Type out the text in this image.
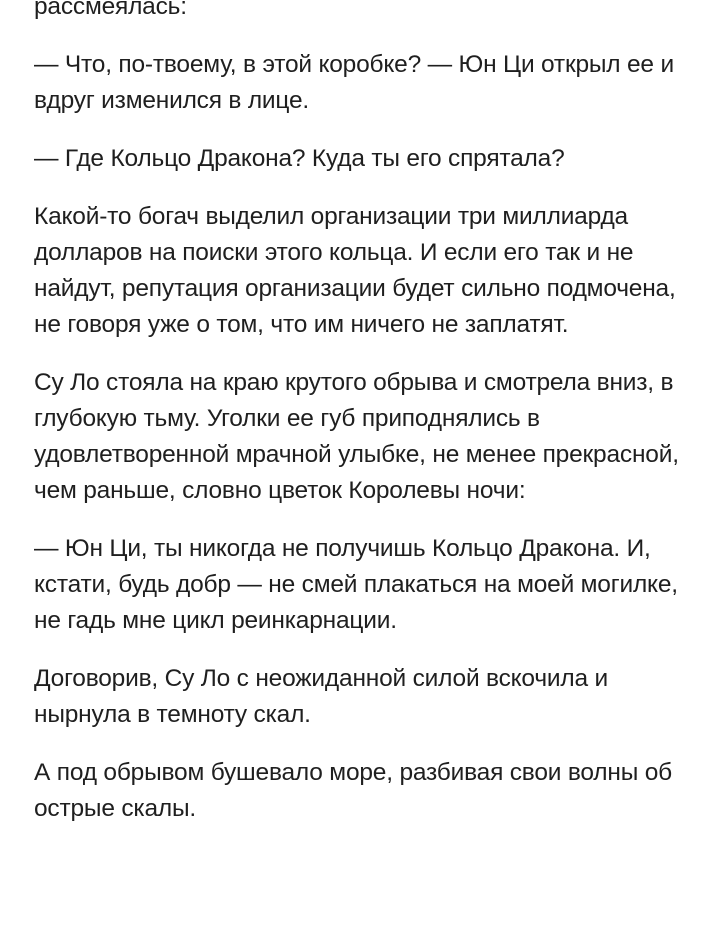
рассмеялась:

— Что, по-твоему, в этой коробке? — Юн Ци открыл ее и вдруг изменился в лице.

— Где Кольцо Дракона? Куда ты его спрятала?

Какой-то богач выделил организации три миллиарда долларов на поиски этого кольца. И если его так и не найдут, репутация организации будет сильно подмочена, не говоря уже о том, что им ничего не заплатят.

Су Ло стояла на краю крутого обрыва и смотрела вниз, в глубокую тьму. Уголки ее губ приподнялись в удовлетворенной мрачной улыбке, не менее прекрасной, чем раньше, словно цветок Королевы ночи:

— Юн Ци, ты никогда не получишь Кольцо Дракона. И, кстати, будь добр — не смей плакаться на моей могилке, не гадь мне цикл реинкарнации.

Договорив, Су Ло с неожиданной силой вскочила и нырнула в темноту скал.

А под обрывом бушевало море, разбивая свои волны об острые скалы.
